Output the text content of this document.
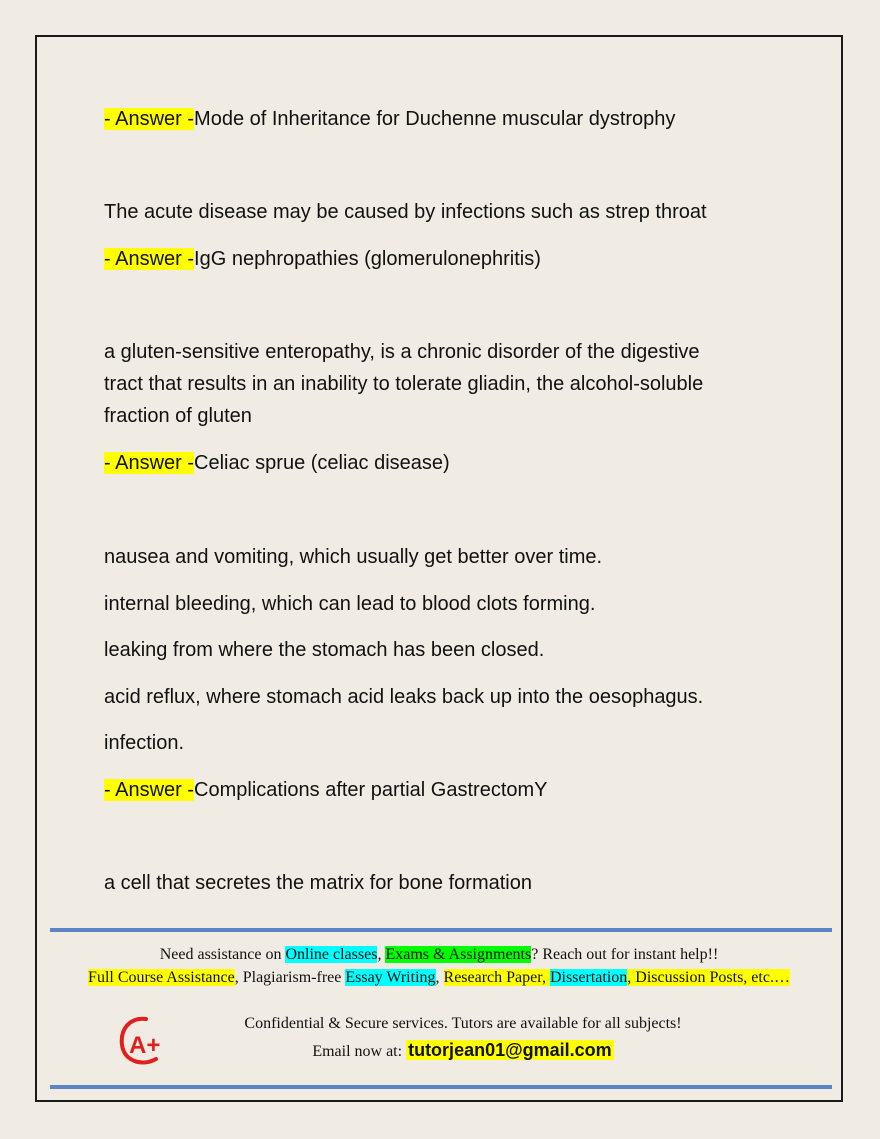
- Answer -Mode of Inheritance for Duchenne muscular dystrophy
The acute disease may be caused by infections such as strep throat
- Answer -IgG nephropathies (glomerulonephritis)
a gluten-sensitive enteropathy, is a chronic disorder of the digestive
tract that results in an inability to tolerate gliadin, the alcohol-soluble
fraction of gluten
- Answer -Celiac sprue (celiac disease)
nausea and vomiting, which usually get better over time.
internal bleeding, which can lead to blood clots forming.
leaking from where the stomach has been closed.
acid reflux, where stomach acid leaks back up into the oesophagus.
infection.
- Answer -Complications after partial GastrectomY
a cell that secretes the matrix for bone formation
Need assistance on Online classes, Exams & Assignments? Reach out for instant help!!
Full Course Assistance, Plagiarism-free Essay Writing, Research Paper, Dissertation, Discussion Posts, etc.…
A+
Confidential & Secure services. Tutors are available for all subjects!
Email now at: tutorjean01@gmail.com
